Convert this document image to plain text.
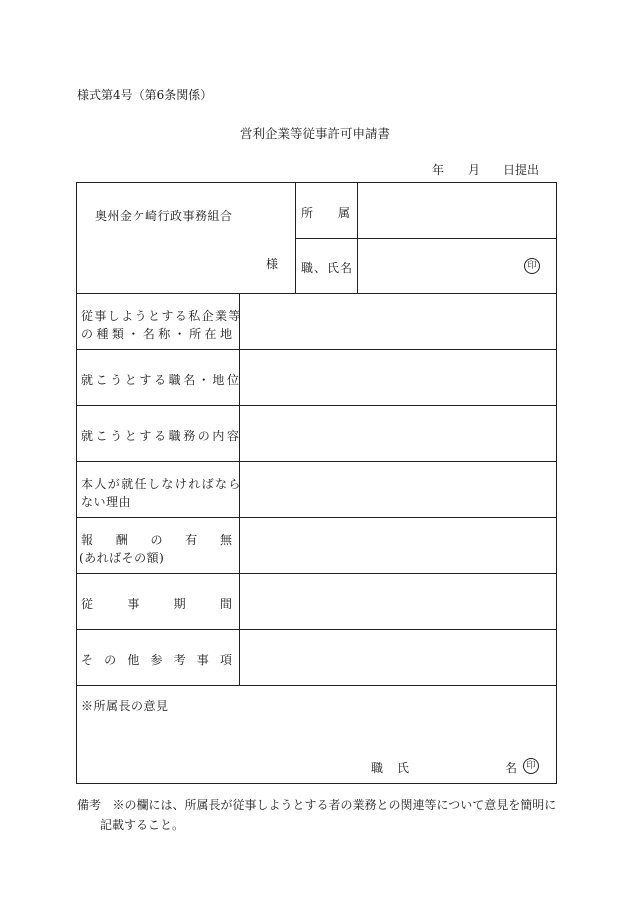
様式第4号（第6条関係）
営利企業等従事許可申請書
年 月 日提出
奥州金ケ崎行政事務組合
様
所 属
職、氏名	印
従事しようとする私企業等
の 種 類 ・ 名 称 ・ 所 在 地
就こうとする職名・地位
就こうとする職務の内容
本人が就任しなければなら
ない理由
報 酬 の 有 無
(あればその額)
従	事	期	間
そ の 他 参 考 事 項
※所属長の意見
職 氏	名 印
備考 ※の欄には、所属長が従事しようとする者の業務との関連等について意見を簡明に
記載すること。
